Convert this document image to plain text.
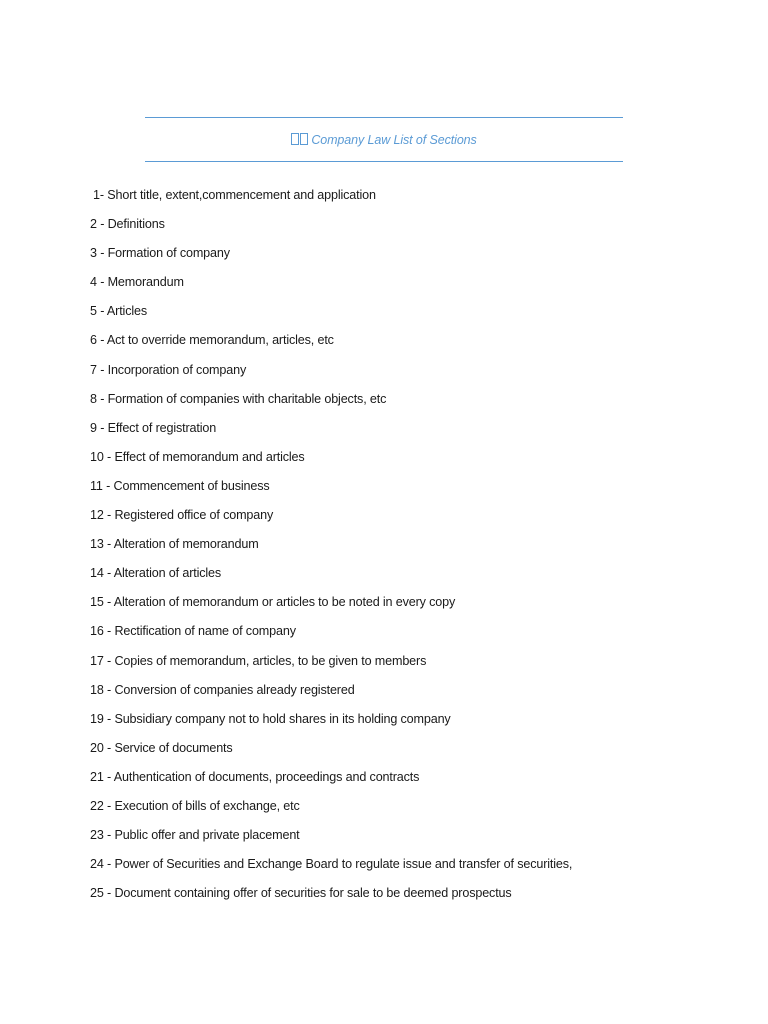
Company Law List of Sections
1- Short title, extent,commencement and application
2 - Definitions
3 - Formation of company
4 - Memorandum
5 - Articles
6 - Act to override memorandum, articles, etc
7 - Incorporation of company
8 - Formation of companies with charitable objects, etc
9 - Effect of registration
10 - Effect of memorandum and articles
11 - Commencement of business
12 - Registered office of company
13 - Alteration of memorandum
14 - Alteration of articles
15 - Alteration of memorandum or articles to be noted in every copy
16 - Rectification of name of company
17 - Copies of memorandum, articles, to be given to members
18 - Conversion of companies already registered
19 - Subsidiary company not to hold shares in its holding company
20 - Service of documents
21 - Authentication of documents, proceedings and contracts
22 - Execution of bills of exchange, etc
23 - Public offer and private placement
24 - Power of Securities and Exchange Board to regulate issue and transfer of securities,
25 - Document containing offer of securities for sale to be deemed prospectus
